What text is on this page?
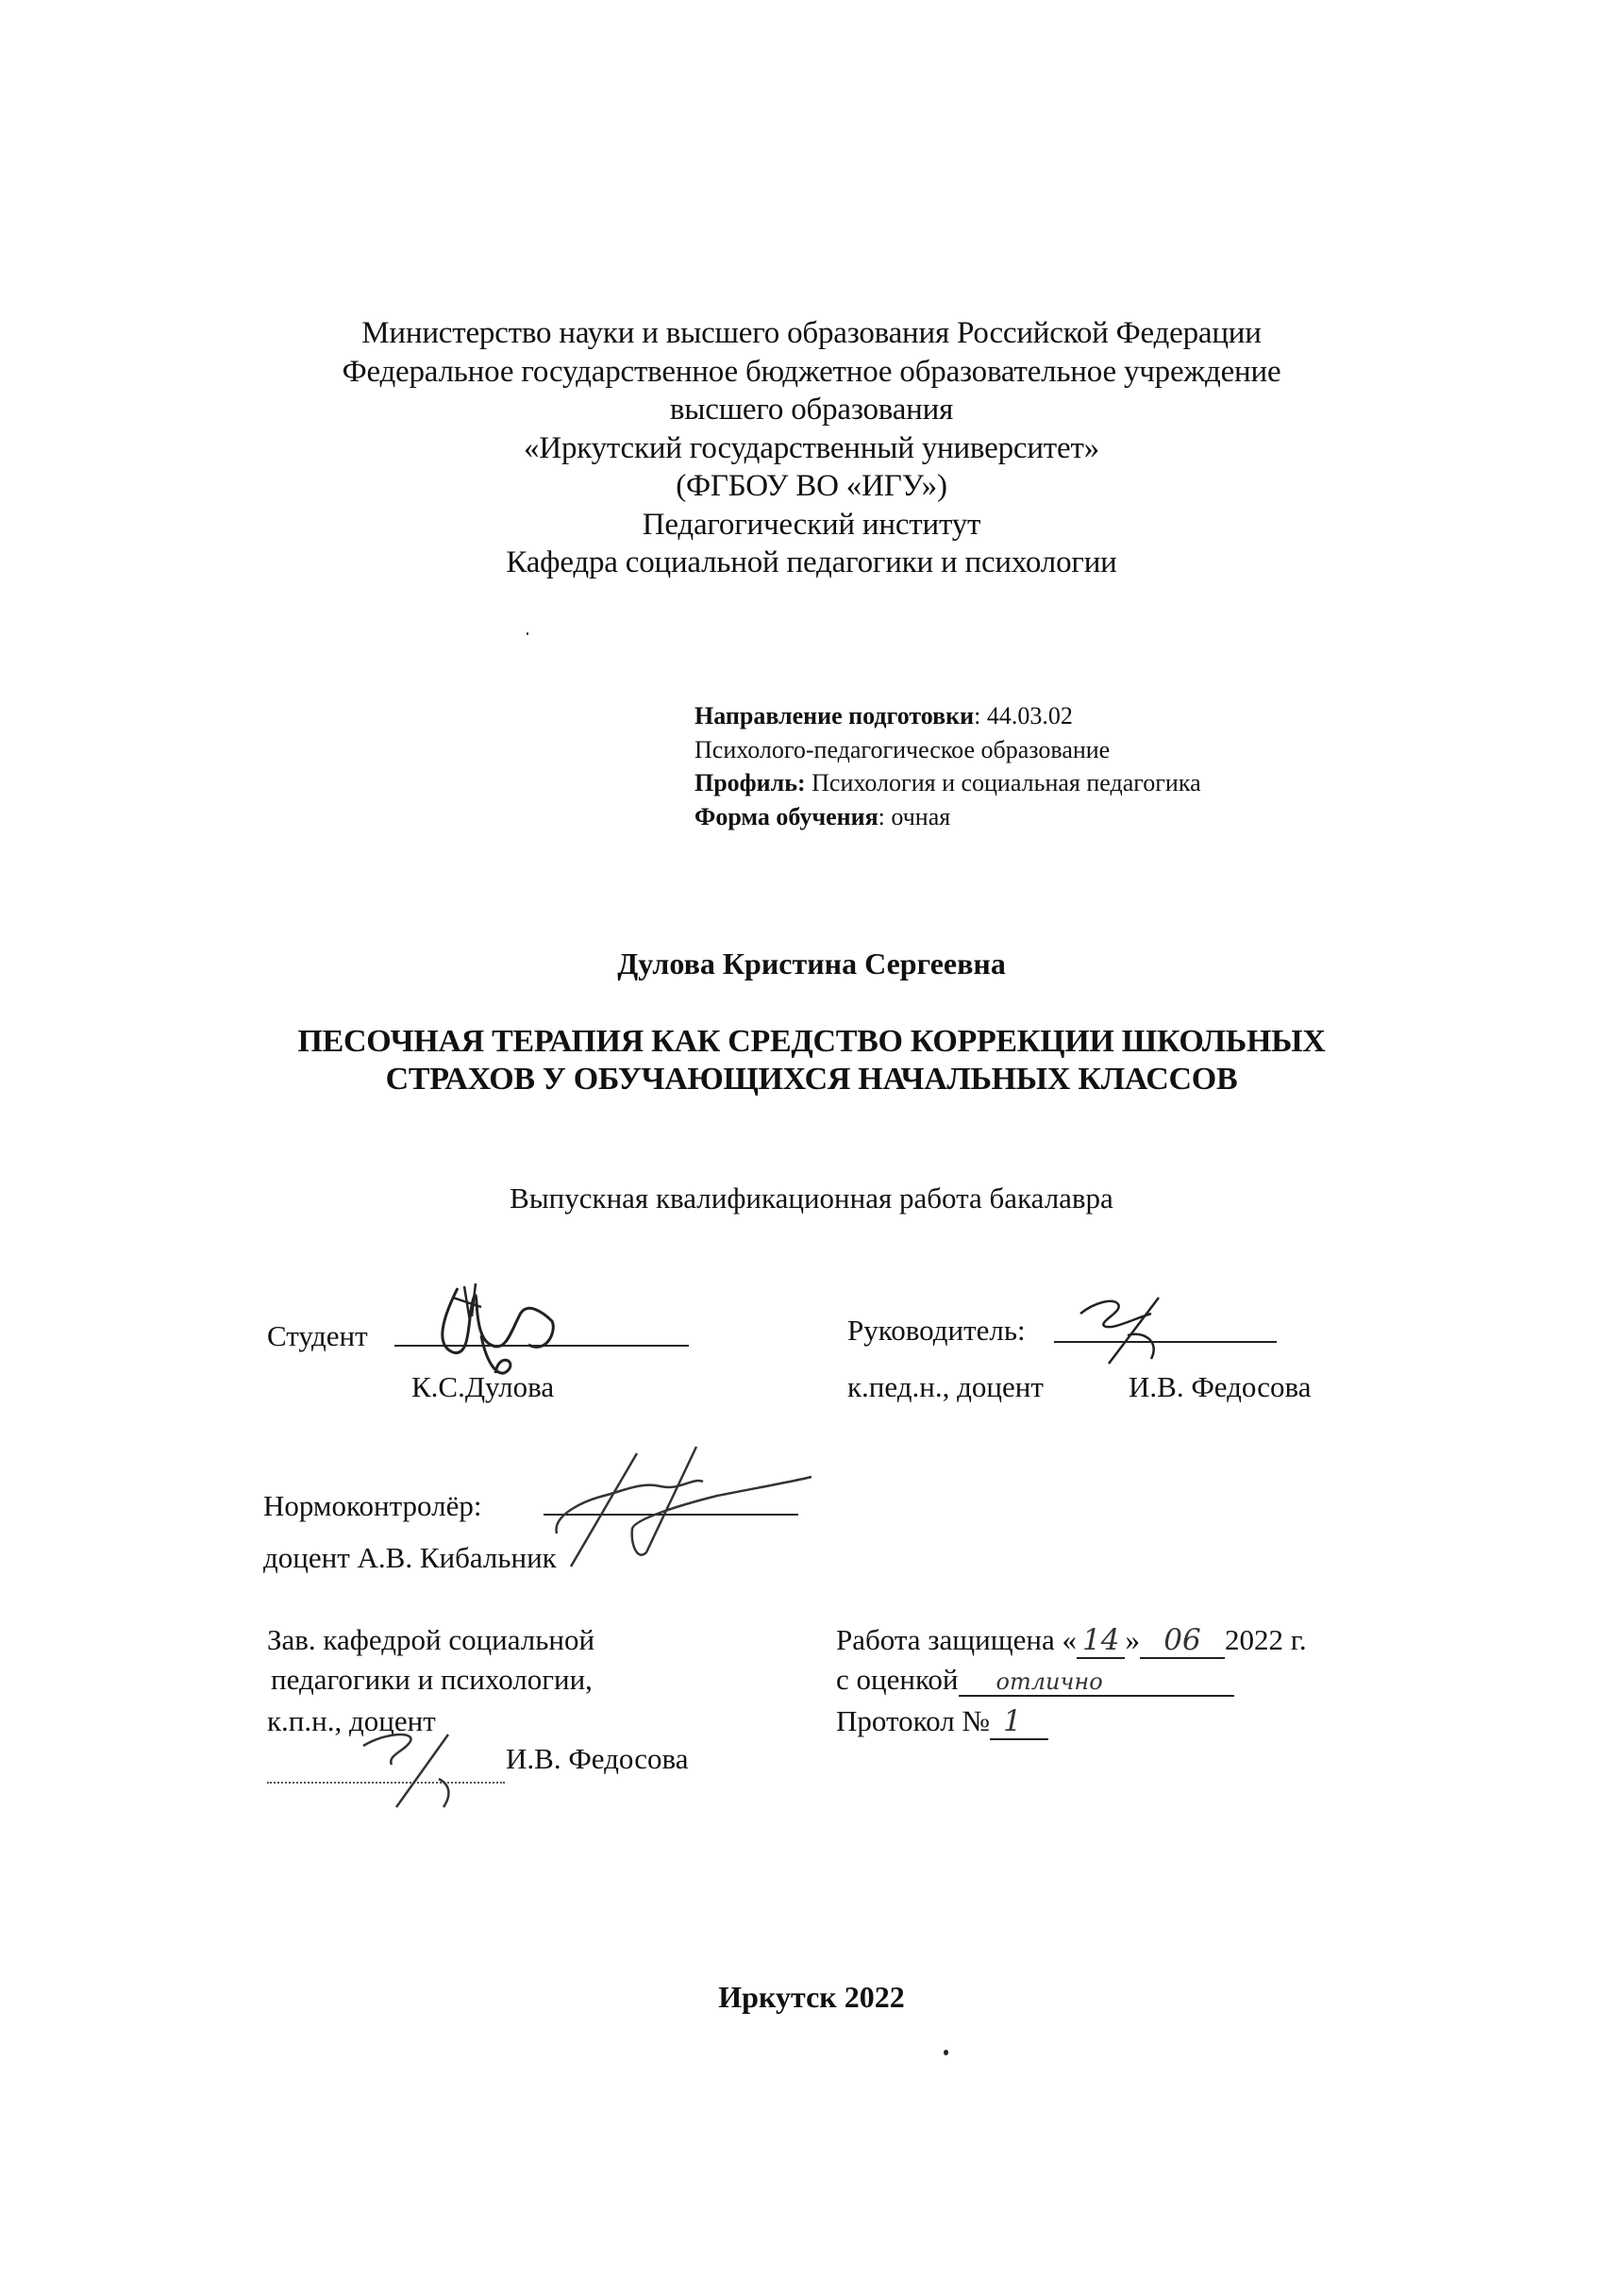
Министерство науки и высшего образования Российской Федерации
Федеральное государственное бюджетное образовательное учреждение
высшего образования
«Иркутский государственный университет»
(ФГБОУ ВО «ИГУ»)
Педагогический институт
Кафедра социальной педагогики и психологии
Направление подготовки: 44.03.02
Психолого-педагогическое образование
Профиль: Психология и социальная педагогика
Форма обучения: очная
Дулова Кристина Сергеевна
ПЕСОЧНАЯ ТЕРАПИЯ КАК СРЕДСТВО КОРРЕКЦИИ ШКОЛЬНЫХ
СТРАХОВ У ОБУЧАЮЩИХСЯ НАЧАЛЬНЫХ КЛАССОВ
Выпускная квалификационная работа бакалавра
Студент
К.С.Дулова
Руководитель:
к.пед.н., доцент	И.В. Федосова
Нормоконтролёр:
доцент А.В. Кибальник
Зав. кафедрой социальной
педагогики и психологии,
к.п.н., доцент
И.В. Федосова
Работа защищена « 14 » 06 2022 г.
с оценкой отлично
Протокол № 1
Иркутск 2022
